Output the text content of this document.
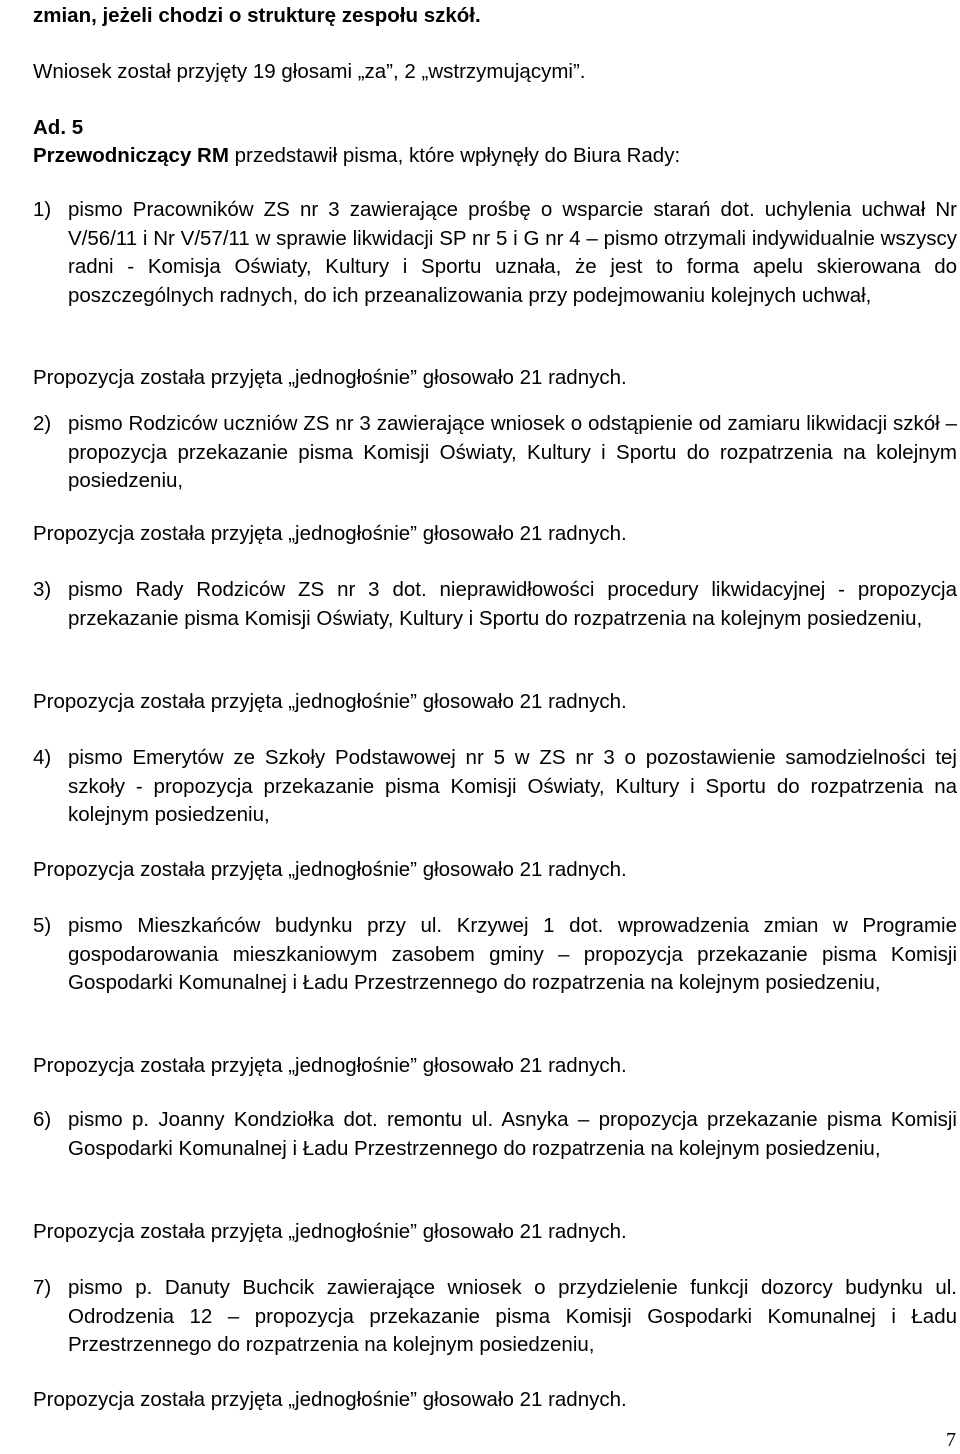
zmian, jeżeli chodzi o strukturę zespołu szkół.
Wniosek został przyjęty 19 głosami „za”, 2 „wstrzymującymi”.
Ad. 5
Przewodniczący RM przedstawił pisma, które wpłynęły do Biura Rady:
1) pismo Pracowników ZS nr 3 zawierające prośbę o wsparcie starań dot. uchylenia uchwał Nr V/56/11 i Nr V/57/11 w sprawie likwidacji SP nr 5 i G nr 4 – pismo otrzymali indywidualnie wszyscy radni - Komisja Oświaty, Kultury i Sportu uznała, że jest to forma apelu skierowana do poszczególnych radnych, do ich przeanalizowania przy podejmowaniu kolejnych uchwał,
Propozycja została przyjęta „jednogłośnie” głosowało 21 radnych.
2) pismo Rodziców uczniów ZS nr 3 zawierające wniosek o odstąpienie od zamiaru likwidacji szkół – propozycja przekazanie pisma Komisji Oświaty, Kultury i Sportu do rozpatrzenia na kolejnym posiedzeniu,
Propozycja została przyjęta „jednogłośnie” głosowało 21 radnych.
3) pismo Rady Rodziców ZS nr 3 dot. nieprawidłowości procedury likwidacyjnej - propozycja przekazanie pisma Komisji Oświaty, Kultury i Sportu do rozpatrzenia na kolejnym posiedzeniu,
Propozycja została przyjęta „jednogłośnie” głosowało 21 radnych.
4) pismo Emerytów ze Szkoły Podstawowej nr 5 w ZS nr 3 o pozostawienie samodzielności tej szkoły - propozycja przekazanie pisma Komisji Oświaty, Kultury i Sportu do rozpatrzenia na kolejnym posiedzeniu,
Propozycja została przyjęta „jednogłośnie” głosowało 21 radnych.
5) pismo Mieszkańców budynku przy ul. Krzywej 1 dot. wprowadzenia zmian w Programie gospodarowania mieszkaniowym zasobem gminy – propozycja przekazanie pisma Komisji Gospodarki Komunalnej i Ładu Przestrzennego do rozpatrzenia na kolejnym posiedzeniu,
Propozycja została przyjęta „jednogłośnie” głosowało 21 radnych.
6) pismo p. Joanny Kondziołka dot. remontu ul. Asnyka – propozycja przekazanie pisma Komisji Gospodarki Komunalnej i Ładu Przestrzennego do rozpatrzenia na kolejnym posiedzeniu,
Propozycja została przyjęta „jednogłośnie” głosowało 21 radnych.
7) pismo p. Danuty Buchcik zawierające wniosek o przydzielenie funkcji dozorcy budynku ul. Odrodzenia 12 – propozycja przekazanie pisma Komisji Gospodarki Komunalnej i Ładu Przestrzennego do rozpatrzenia na kolejnym posiedzeniu,
Propozycja została przyjęta „jednogłośnie” głosowało 21 radnych.
7
